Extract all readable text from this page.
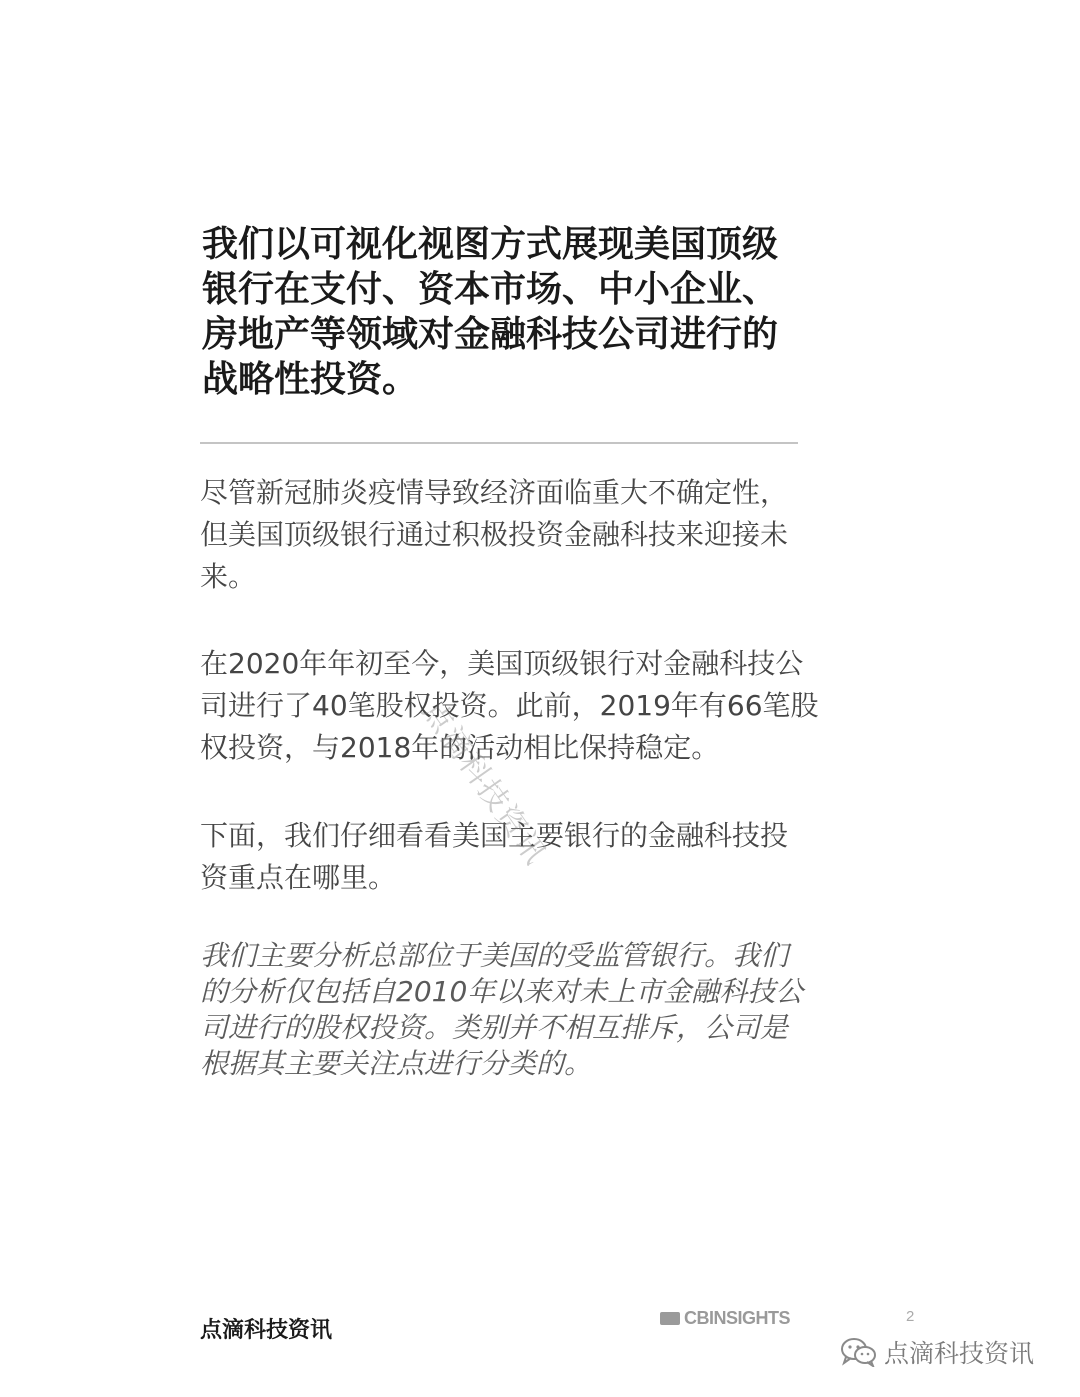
我们以可视化视图方式展现美国顶级
银行在支付、资本市场、中小企业、
房地产等领域对金融科技公司进行的
战略性投资。

尽管新冠肺炎疫情导致经济面临重大不确定性，
但美国顶级银行通过积极投资金融科技来迎接未
来。

在2020年年初至今，美国顶级银行对金融科技公
司进行了40笔股权投资。此前，2019年有66笔股
权投资，与2018年的活动相比保持稳定。

下面，我们仔细看看美国主要银行的金融科技投
资重点在哪里。

我们主要分析总部位于美国的受监管银行。我们
的分析仅包括自2010年以来对未上市金融科技公
司进行的股权投资。类别并不相互排斥，公司是
根据其主要关注点进行分类的。

点滴科技资讯
点滴科技资讯
CBINSIGHTS	2
点滴科技资讯
